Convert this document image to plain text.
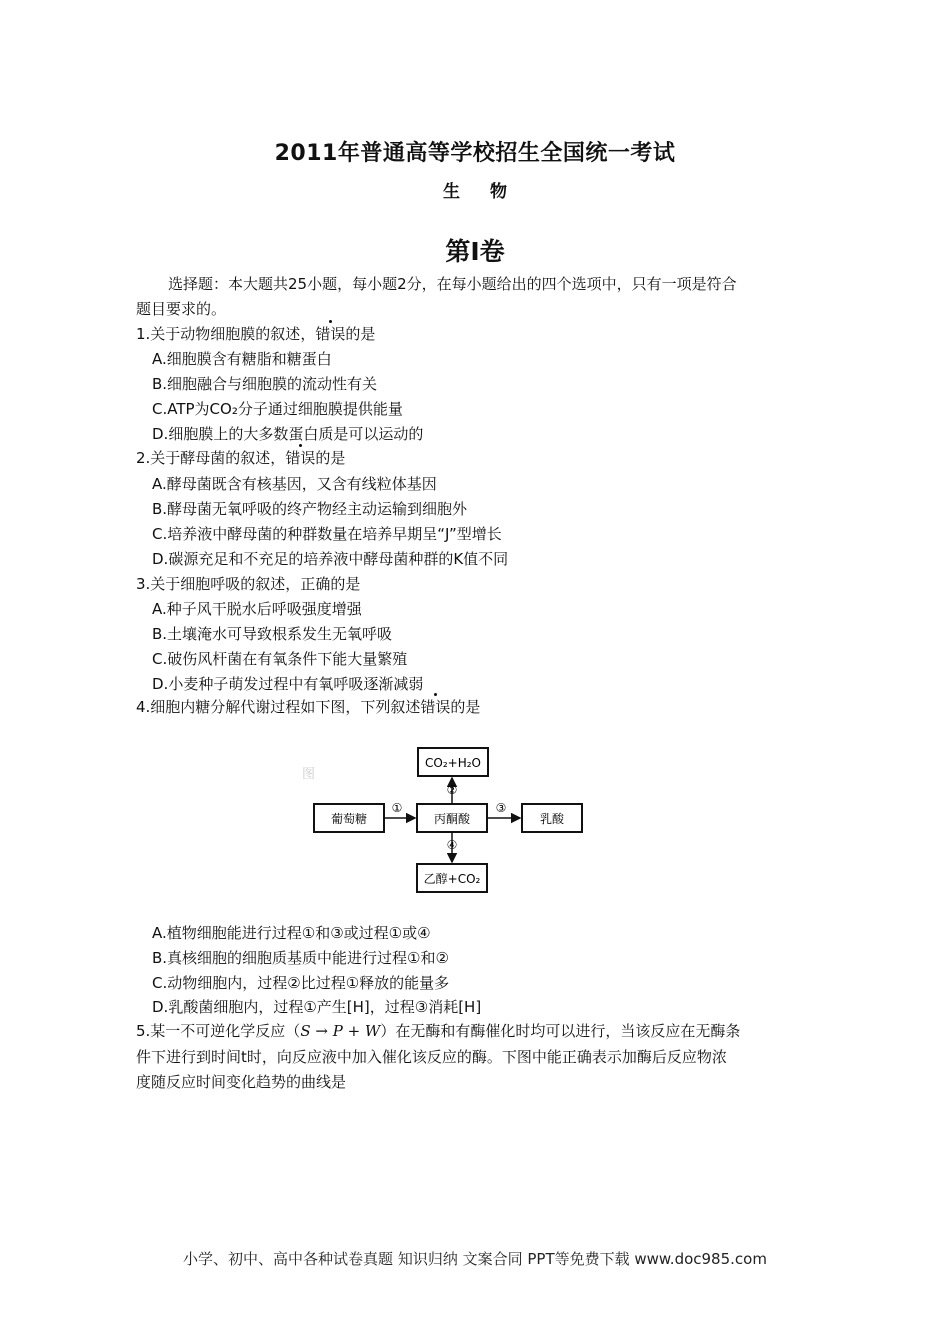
2011年普通高等学校招生全国统一考试
生 物
第I卷
选择题：本大题共25小题，每小题2分，在每小题给出的四个选项中，只有一项是符合
题目要求的。
1.关于动物细胞膜的叙述，错误的是
A.细胞膜含有糖脂和糖蛋白
B.细胞融合与细胞膜的流动性有关
C.ATP为CO₂分子通过细胞膜提供能量
D.细胞膜上的大多数蛋白质是可以运动的
2.关于酵母菌的叙述，错误的是
A.酵母菌既含有核基因，又含有线粒体基因
B.酵母菌无氧呼吸的终产物经主动运输到细胞外
C.培养液中酵母菌的种群数量在培养早期呈“J”型增长
D.碳源充足和不充足的培养液中酵母菌种群的K值不同
3.关于细胞呼吸的叙述，正确的是
A.种子风干脱水后呼吸强度增强
B.土壤淹水可导致根系发生无氧呼吸
C.破伤风杆菌在有氧条件下能大量繁殖
D.小麦种子萌发过程中有氧呼吸逐渐减弱
4.细胞内糖分解代谢过程如下图，下列叙述错误的是
图
CO₂+H₂O
葡萄糖	丙酮酸	乳酸
乙醇+CO₂
①
②
③
④
A.植物细胞能进行过程①和③或过程①或④
B.真核细胞的细胞质基质中能进行过程①和②
C.动物细胞内，过程②比过程①释放的能量多
D.乳酸菌细胞内，过程①产生[H]，过程③消耗[H]
5.某一不可逆化学反应（S → P + W）在无酶和有酶催化时均可以进行，当该反应在无酶条
件下进行到时间t时，向反应液中加入催化该反应的酶。下图中能正确表示加酶后反应物浓
度随反应时间变化趋势的曲线是
小学、初中、高中各种试卷真题 知识归纳 文案合同 PPT等免费下载 www.doc985.com
